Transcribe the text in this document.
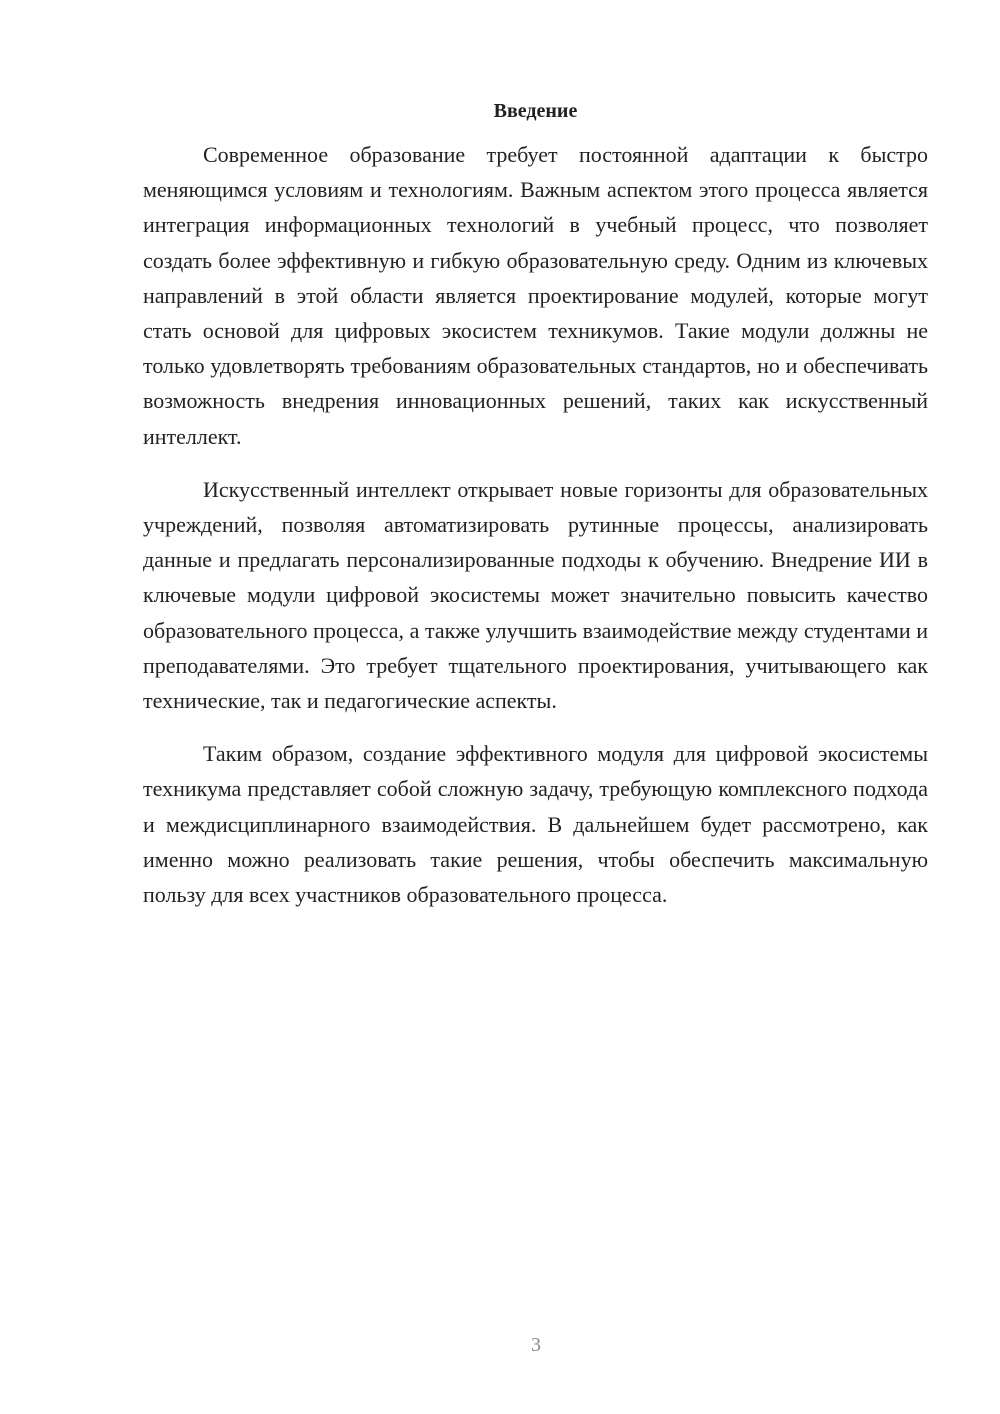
Введение

Современное образование требует постоянной адаптации к быстро меняющимся условиям и технологиям. Важным аспектом этого процесса является интеграция информационных технологий в учебный процесс, что позволяет создать более эффективную и гибкую образовательную среду. Одним из ключевых направлений в этой области является проектирование модулей, которые могут стать основой для цифровых экосистем техникумов. Такие модули должны не только удовлетворять требованиям образовательных стандартов, но и обеспечивать возможность внедрения инновационных решений, таких как искусственный интеллект.

Искусственный интеллект открывает новые горизонты для образовательных учреждений, позволяя автоматизировать рутинные процессы, анализировать данные и предлагать персонализированные подходы к обучению. Внедрение ИИ в ключевые модули цифровой экосистемы может значительно повысить качество образовательного процесса, а также улучшить взаимодействие между студентами и преподавателями. Это требует тщательного проектирования, учитывающего как технические, так и педагогические аспекты.

Таким образом, создание эффективного модуля для цифровой экосистемы техникума представляет собой сложную задачу, требующую комплексного подхода и междисциплинарного взаимодействия. В дальнейшем будет рассмотрено, как именно можно реализовать такие решения, чтобы обеспечить максимальную пользу для всех участников образовательного процесса.

3
